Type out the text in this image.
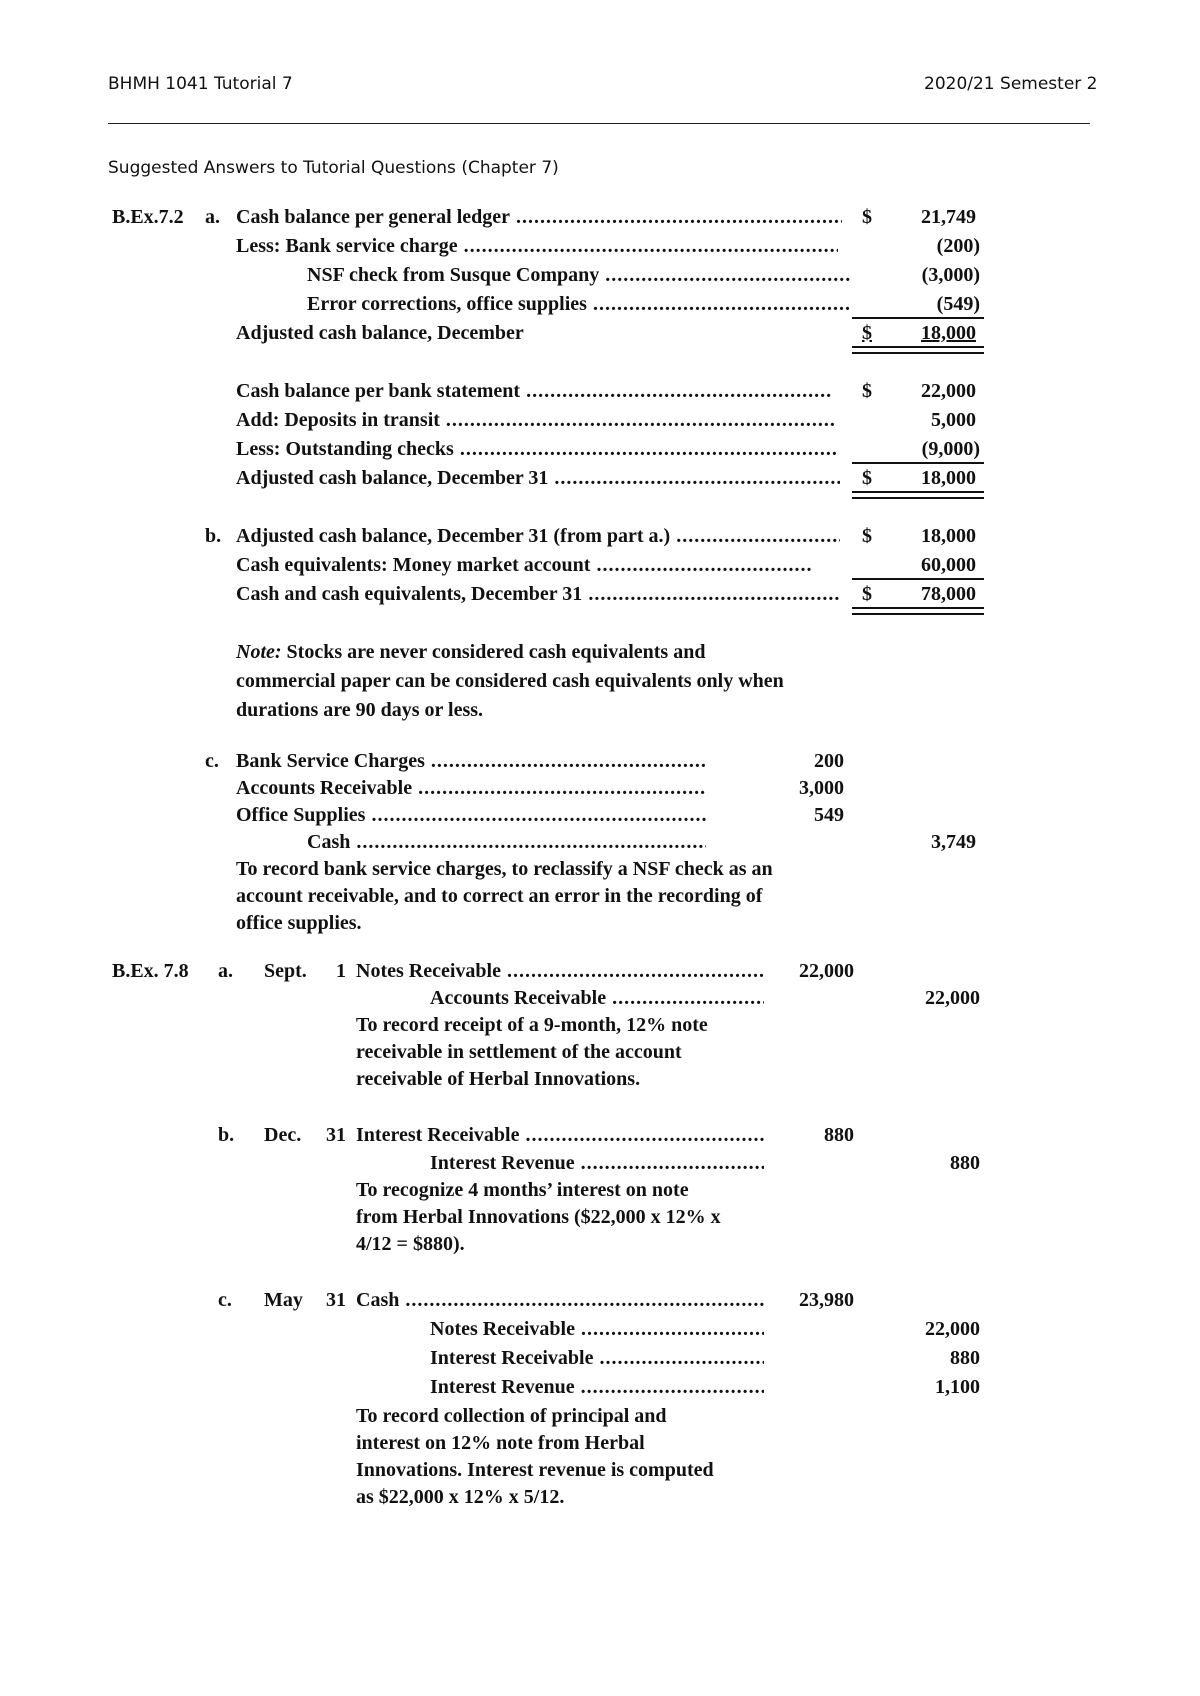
BHMH 1041 Tutorial 7	2020/21 Semester 2
Suggested Answers to Tutorial Questions (Chapter 7)
B.Ex.7.2 a. Cash balance per general ledger .....	$	21,749
Less: Bank service charge .....	(200)
NSF check from Susque Company .....	(3,000)
Error corrections, office supplies .....	(549)
Adjusted cash balance, December	$	18,000
Cash balance per bank statement .....	$	22,000
Add: Deposits in transit .....	5,000
Less: Outstanding checks .....	(9,000)
Adjusted cash balance, December 31 .....	$	18,000
b. Adjusted cash balance, December 31 (from part a.) .....	$	18,000
Cash equivalents: Money market account .....	60,000
Cash and cash equivalents, December 31 .....	$	78,000
Note: Stocks are never considered cash equivalents and
commercial paper can be considered cash equivalents only when
durations are 90 days or less.
c. Bank Service Charges .....	200
Accounts Receivable .....	3,000
Office Supplies .....	549
Cash .....	3,749
To record bank service charges, to reclassify a NSF check as an
account receivable, and to correct an error in the recording of
office supplies.
B.Ex. 7.8 a. Sept.	1 Notes Receivable .....	22,000
Accounts Receivable .....	22,000
To record receipt of a 9-month, 12% note
receivable in settlement of the account
receivable of Herbal Innovations.
b. Dec.	31 Interest Receivable .....	880
Interest Revenue .....	880
To recognize 4 months’ interest on note
from Herbal Innovations ($22,000 x 12% x
4/12 = $880).
c. May	31 Cash .....	23,980
Notes Receivable .....	22,000
Interest Receivable .....	880
Interest Revenue .....	1,100
To record collection of principal and
interest on 12% note from Herbal
Innovations. Interest revenue is computed
as $22,000 x 12% x 5/12.
